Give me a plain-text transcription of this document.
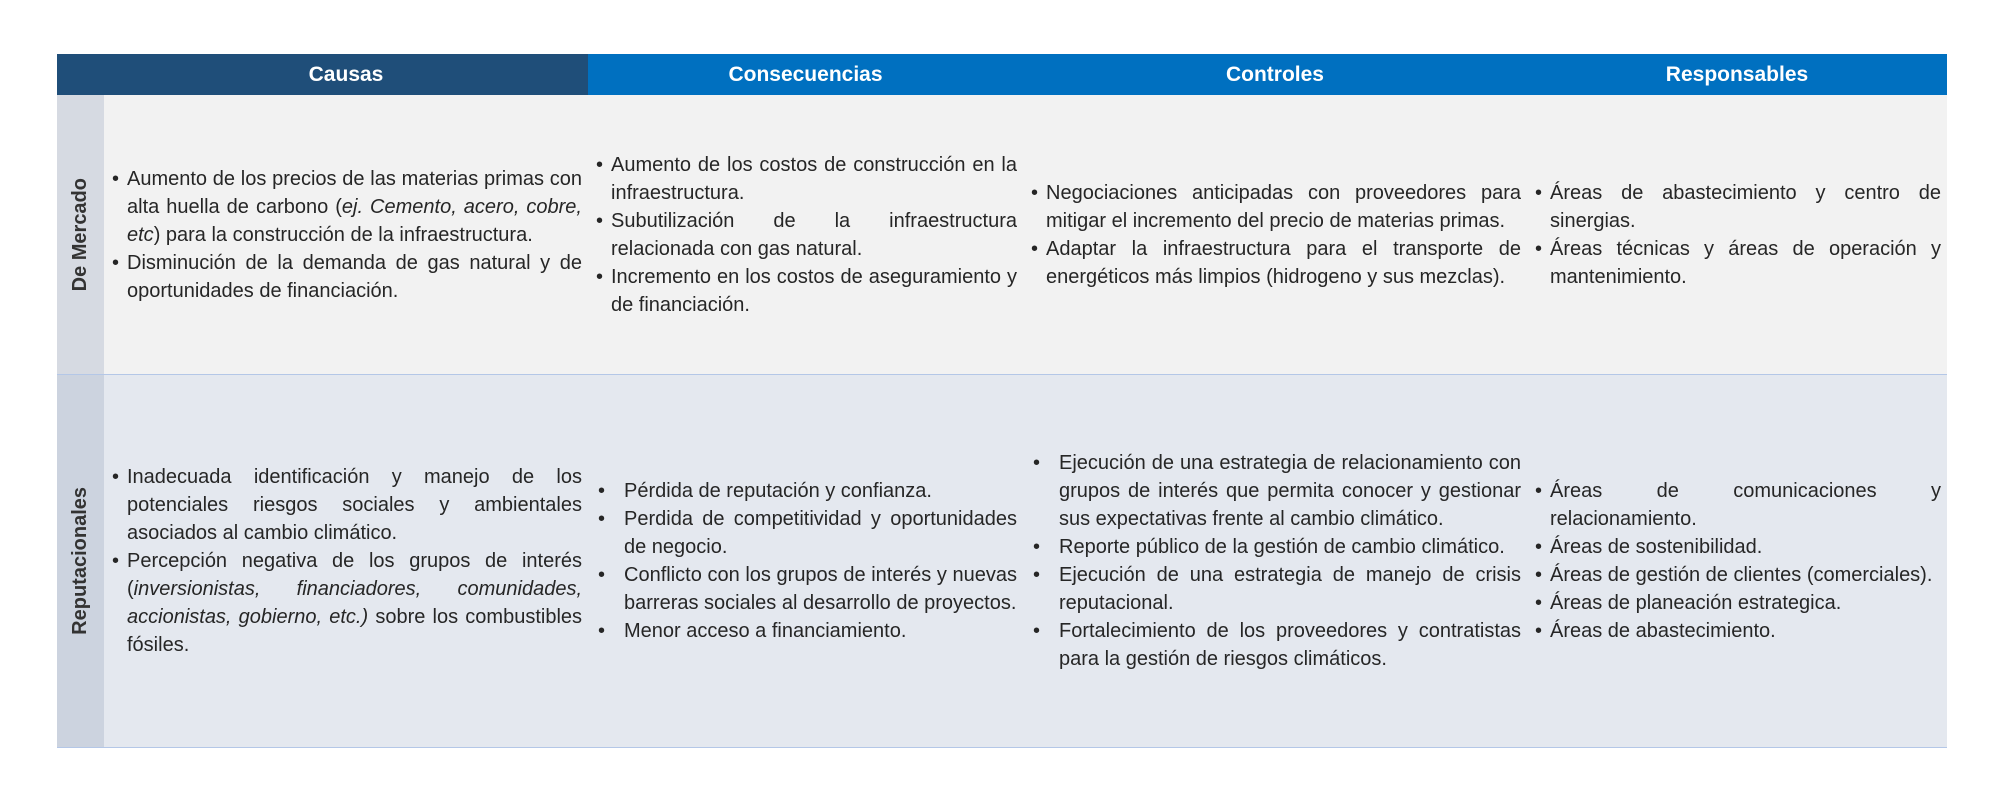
Causas	Consecuencias	Controles	Responsables
De Mercado
•	Aumento de los precios de las materias primas con alta huella de carbono (ej. Cemento, acero, cobre, etc) para la construcción de la infraestructura.
• Disminución de la demanda de gas natural y de oportunidades de financiación.
• Aumento de los costos de construcción en la infraestructura.
• Subutilización de la infraestructura relacionada con gas natural.
• Incremento en los costos de aseguramiento y de financiación.
• Negociaciones anticipadas con proveedores para mitigar el incremento del precio de materias primas.
• Adaptar la infraestructura para el transporte de energéticos más limpios (hidrogeno y sus mezclas).
• Áreas de abastecimiento y centro de sinergias.
• Áreas técnicas y áreas de operación y mantenimiento.
Reputacionales
• Inadecuada identificación y manejo de los potenciales riesgos sociales y ambientales asociados al cambio climático.
• Percepción negativa de los grupos de interés (inversionistas, financiadores, comunidades, accionistas, gobierno, etc.) sobre los combustibles fósiles.
• Pérdida de reputación y confianza.
• Perdida de competitividad y oportunidades de negocio.
• Conflicto con los grupos de interés y nuevas barreras sociales al desarrollo de proyectos.
• Menor acceso a financiamiento.
• Ejecución de una estrategia de relacionamiento con grupos de interés que permita conocer y gestionar sus expectativas frente al cambio climático.
• Reporte público de la gestión de cambio climático.
• Ejecución de una estrategia de manejo de crisis reputacional.
• Fortalecimiento de los proveedores y contratistas para la gestión de riesgos climáticos.
• Áreas de comunicaciones y relacionamiento.
• Áreas de sostenibilidad.
• Áreas de gestión de clientes (comerciales).
• Áreas de planeación estrategica.
• Áreas de abastecimiento.
